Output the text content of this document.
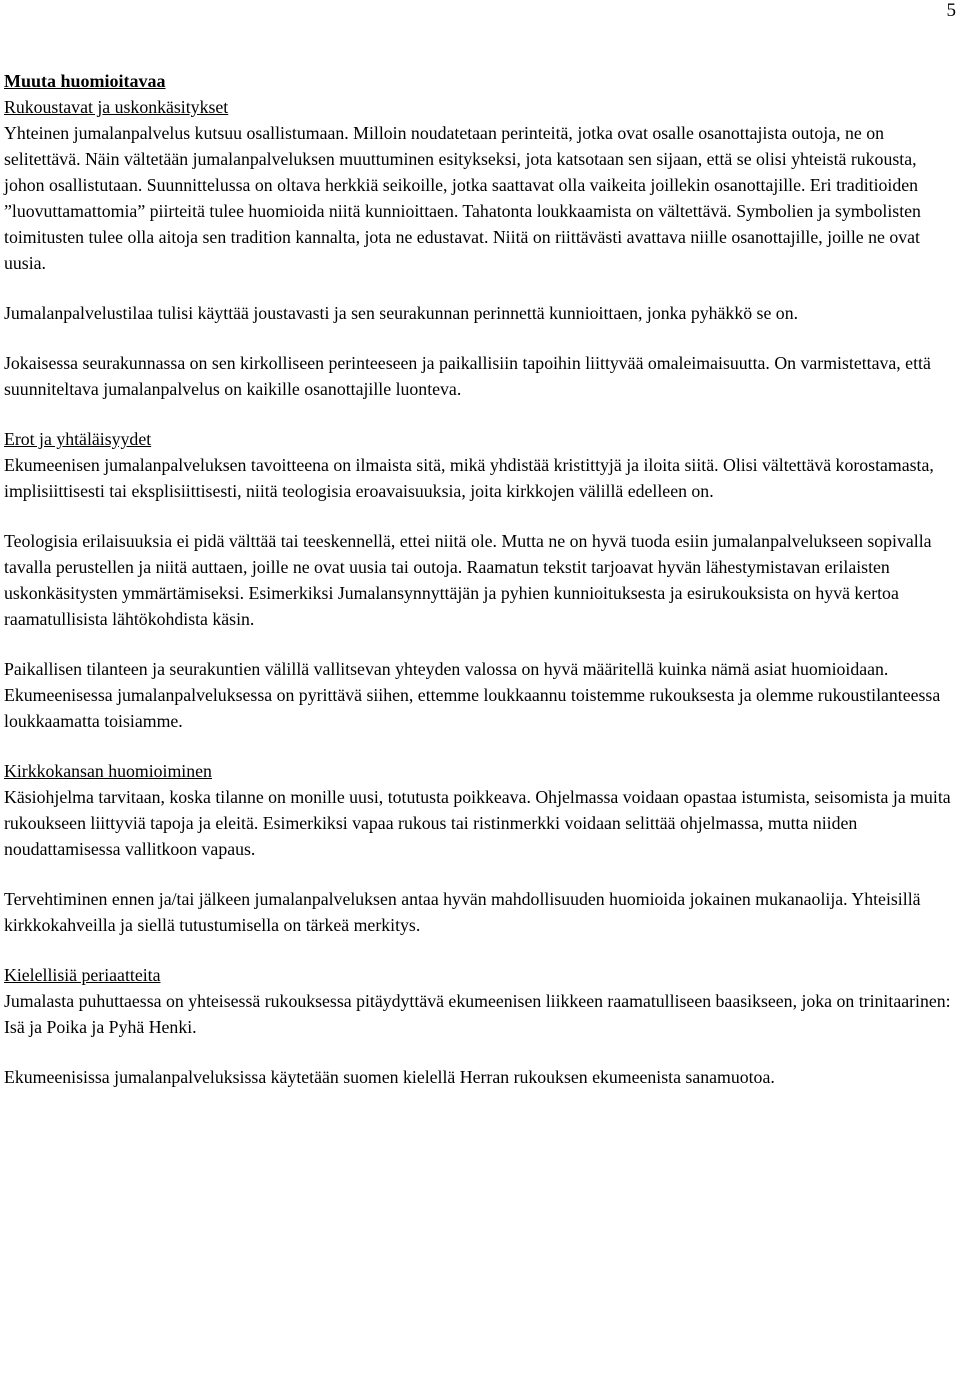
5

Muuta huomioitavaa

Rukoustavat ja uskonkäsitykset

Yhteinen jumalanpalvelus kutsuu osallistumaan. Milloin noudatetaan perinteitä, jotka ovat osalle osanottajista outoja, ne on selitettävä. Näin vältetään jumalanpalveluksen muuttuminen esitykseksi, jota katsotaan sen sijaan, että se olisi yhteistä rukousta, johon osallistutaan. Suunnittelussa on oltava herkkiä seikoille, jotka saattavat olla vaikeita joillekin osanottajille. Eri traditioiden ”luovuttamattomia” piirteitä tulee huomioida niitä kunnioittaen. Tahatonta loukkaamista on vältettävä. Symbolien ja symbolisten toimitusten tulee olla aitoja sen tradition kannalta, jota ne edustavat. Niitä on riittävästi avattava niille osanottajille, joille ne ovat uusia.

Jumalanpalvelustilaa tulisi käyttää joustavasti ja sen seurakunnan perinnettä kunnioittaen, jonka pyhäkkö se on.

Jokaisessa seurakunnassa on sen kirkolliseen perinteeseen ja paikallisiin tapoihin liittyvää omaleimaisuutta. On varmistettava, että suunniteltava jumalanpalvelus on kaikille osanottajille luonteva.

Erot ja yhtäläisyydet

Ekumeenisen jumalanpalveluksen tavoitteena on ilmaista sitä, mikä yhdistää kristittyjä ja iloita siitä. Olisi vältettävä korostamasta, implisiittisesti tai eksplisiittisesti, niitä teologisia eroavaisuuksia, joita kirkkojen välillä edelleen on.

Teologisia erilaisuuksia ei pidä välttää tai teeskennellä, ettei niitä ole. Mutta ne on hyvä tuoda esiin jumalanpalvelukseen sopivalla tavalla perustellen ja niitä auttaen, joille ne ovat uusia tai outoja. Raamatun tekstit tarjoavat hyvän lähestymistavan erilaisten uskonkäsitysten ymmärtämiseksi. Esimerkiksi Jumalansynnyttäjän ja pyhien kunnioituksesta ja esirukouksista on hyvä kertoa raamatullisista lähtökohdista käsin.

Paikallisen tilanteen ja seurakuntien välillä vallitsevan yhteyden valossa on hyvä määritellä kuinka nämä asiat huomioidaan. Ekumeenisessa jumalanpalveluksessa on pyrittävä siihen, ettemme loukkaannu toistemme rukouksesta ja olemme rukoustilanteessa loukkaamatta toisiamme.

Kirkkokansan huomioiminen

Käsiohjelma tarvitaan, koska tilanne on monille uusi, totutusta poikkeava. Ohjelmassa voidaan opastaa istumista, seisomista ja muita rukoukseen liittyviä tapoja ja eleitä. Esimerkiksi vapaa rukous tai ristinmerkki voidaan selittää ohjelmassa, mutta niiden noudattamisessa vallitkoon vapaus.

Tervehtiminen ennen ja/tai jälkeen jumalanpalveluksen antaa hyvän mahdollisuuden huomioida jokainen mukanaolija. Yhteisillä kirkkokahveilla ja siellä tutustumisella on tärkeä merkitys.

Kielellisiä periaatteita

Jumalasta puhuttaessa on yhteisessä rukouksessa pitäydyttävä ekumeenisen liikkeen raamatulliseen baasikseen, joka on trinitaarinen: Isä ja Poika ja Pyhä Henki.

Ekumeenisissa jumalanpalveluksissa käytetään suomen kielellä Herran rukouksen ekumeenista sanamuotoa.
